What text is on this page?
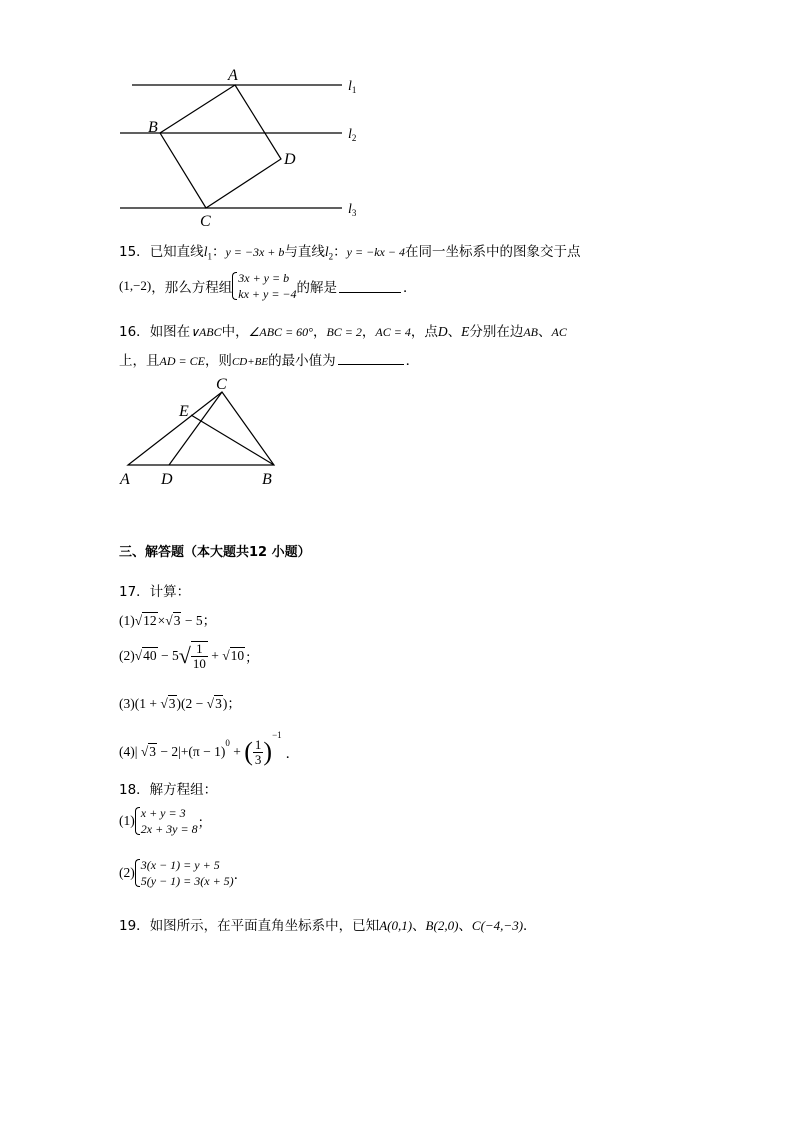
A
B
C
D
$l_1$
$l_2$
$l_3$
15．已知直线$l_1$：y = −3x + b与直线$l_2$：y = −kx − 4在同一坐标系中的图象交于点
(1,−2)，那么方程组
3x + y = b
kx + y = −4 的解是	．
16．如图在∨ABC中，∠ABC = 60°，BC = 2，AC = 4，点D、E分别在边AB、AC
上，且AD = CE，则CD+BE的最小值为	．
C
E
A D	B
三、解答题（本大题共12 小题）
17．计算：
(1)√12×√3 − 5；
$(2)√40 - 5√ \frac{1}{10} + √10$；
(3)(1 + √3)(2 − √3)；
(4)| $√3 - 2|+(\pi - 1)^0$ + ( $\frac{1}{3} )^{-1}$．
18．解方程组：
(1) x + y = 3
2x + 3y = 8 ；
(2) 3(x − 1) = y + 5
5(y − 1) = 3(x + 5) ．
19．如图所示，在平面直角坐标系中，已知A(0,1)、B(2,0)、C(−4,−3)．
